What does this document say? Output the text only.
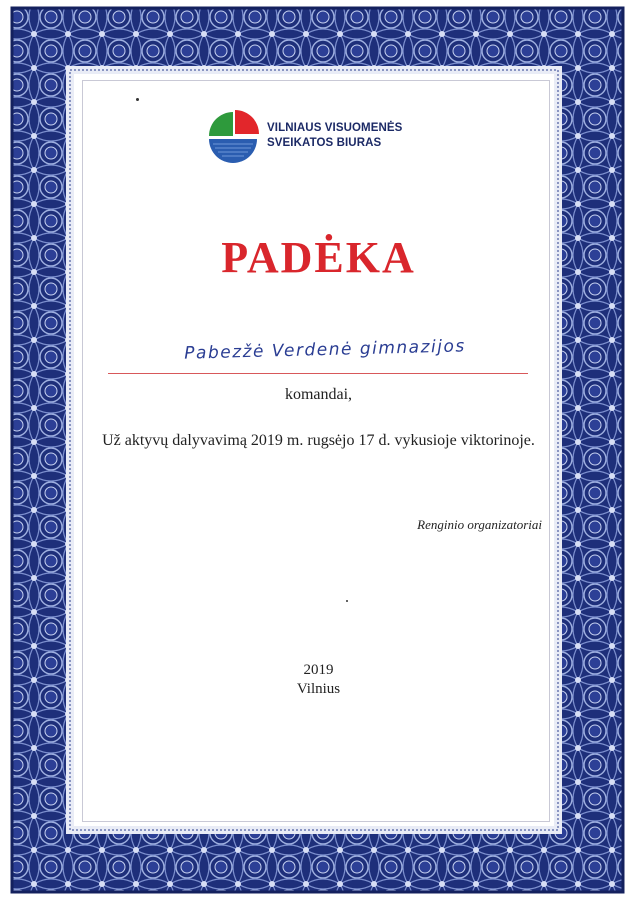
VILNIAUS VISUOMENĖS
SVEIKATOS BIURAS
PADĖKA
Pabezžė Verdenė gimnazijos
komandai,
Už aktyvų dalyvavimą 2019 m. rugsėjo 17 d. vykusioje viktorinoje.
Renginio organizatoriai
2019
Vilnius
